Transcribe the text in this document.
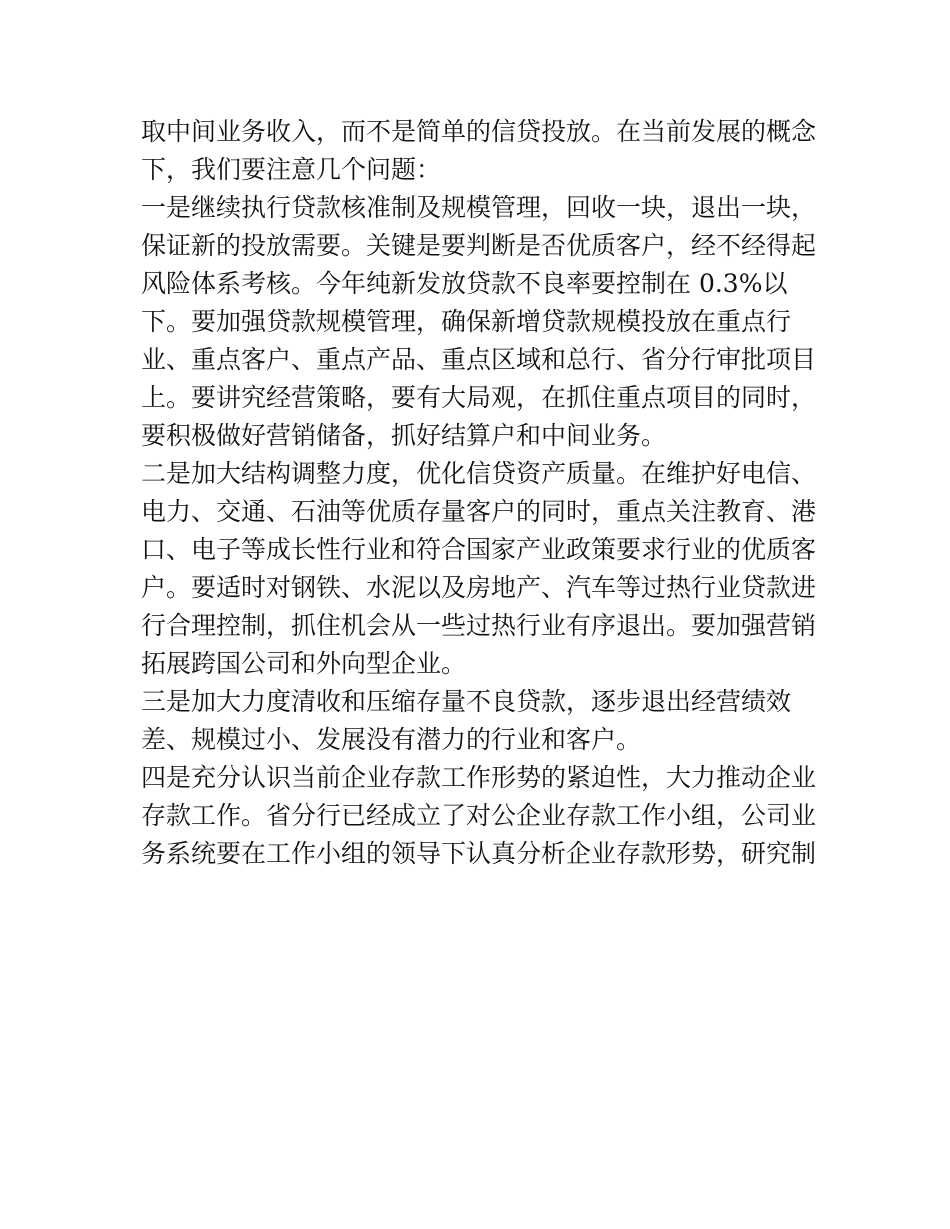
取中间业务收入，而不是简单的信贷投放。在当前发展的概念
下，我们要注意几个问题：
一是继续执行贷款核准制及规模管理，回收一块，退出一块，
保证新的投放需要。关键是要判断是否优质客户，经不经得起
风险体系考核。今年纯新发放贷款不良率要控制在 0.3%以
下。要加强贷款规模管理，确保新增贷款规模投放在重点行
业、重点客户、重点产品、重点区域和总行、省分行审批项目
上。要讲究经营策略，要有大局观，在抓住重点项目的同时，
要积极做好营销储备，抓好结算户和中间业务。
二是加大结构调整力度，优化信贷资产质量。在维护好电信、
电力、交通、石油等优质存量客户的同时，重点关注教育、港
口、电子等成长性行业和符合国家产业政策要求行业的优质客
户。要适时对钢铁、水泥以及房地产、汽车等过热行业贷款进
行合理控制，抓住机会从一些过热行业有序退出。要加强营销
拓展跨国公司和外向型企业。
三是加大力度清收和压缩存量不良贷款，逐步退出经营绩效
差、规模过小、发展没有潜力的行业和客户。
四是充分认识当前企业存款工作形势的紧迫性，大力推动企业
存款工作。省分行已经成立了对公企业存款工作小组，公司业
务系统要在工作小组的领导下认真分析企业存款形势，研究制
